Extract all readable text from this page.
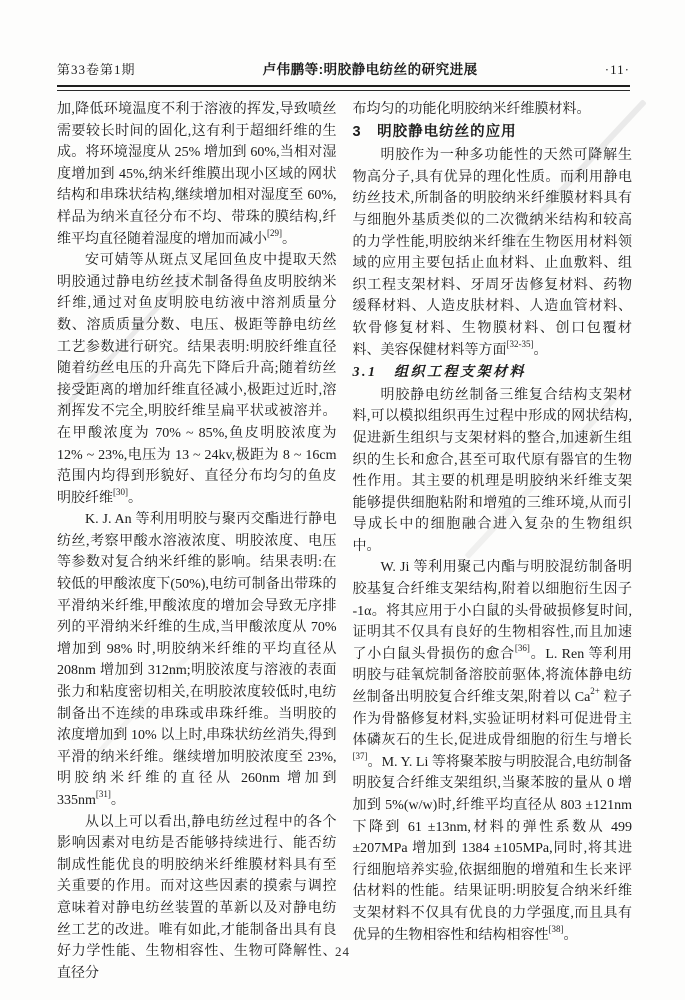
第33卷第1期	卢伟鹏等:明胶静电纺丝的研究进展	·11·
加,降低环境温度不利于溶液的挥发,导致喷丝需要较长时间的固化,这有利于超细纤维的生成。将环境湿度从 25% 增加到 60%,当相对湿度增加到 45%,纳米纤维膜出现小区域的网状结构和串珠状结构,继续增加相对湿度至 60%,样品为纳米直径分布不均、带珠的膜结构,纤维平均直径随着湿度的增加而减小[29]。
安可婧等从斑点叉尾回鱼皮中提取天然明胶通过静电纺丝技术制备得鱼皮明胶纳米纤维,通过对鱼皮明胶电纺液中溶剂质量分数、溶质质量分数、电压、极距等静电纺丝工艺参数进行研究。结果表明:明胶纤维直径随着纺丝电压的升高先下降后升高;随着纺丝接受距离的增加纤维直径减小,极距过近时,溶剂挥发不完全,明胶纤维呈扁平状或被溶并。在甲酸浓度为 70% ~ 85%,鱼皮明胶浓度为 12% ~ 23%,电压为 13 ~ 24kv,极距为 8 ~ 16cm 范围内均得到形貌好、直径分布均匀的鱼皮明胶纤维[30]。
K. J. An 等利用明胶与聚丙交酯进行静电纺丝,考察甲酸水溶液浓度、明胶浓度、电压等参数对复合纳米纤维的影响。结果表明:在较低的甲酸浓度下(50%),电纺可制备出带珠的平滑纳米纤维,甲酸浓度的增加会导致无序排列的平滑纳米纤维的生成,当甲酸浓度从 70% 增加到 98% 时,明胶纳米纤维的平均直径从 208nm 增加到 312nm;明胶浓度与溶液的表面张力和粘度密切相关,在明胶浓度较低时,电纺制备出不连续的串珠或串珠纤维。当明胶的浓度增加到 10% 以上时,串珠状纺丝消失,得到平滑的纳米纤维。继续增加明胶浓度至 23%,明胶纳米纤维的直径从 260nm 增加到 335nm[31]。
从以上可以看出,静电纺丝过程中的各个影响因素对电纺是否能够持续进行、能否纺制成性能优良的明胶纳米纤维膜材料具有至关重要的作用。而对这些因素的摸索与调控意味着对静电纺丝装置的革新以及对静电纺丝工艺的改进。唯有如此,才能制备出具有良好力学性能、生物相容性、生物可降解性、直径分
布均匀的功能化明胶纳米纤维膜材料。
3　明胶静电纺丝的应用
明胶作为一种多功能性的天然可降解生物高分子,具有优异的理化性质。而利用静电纺丝技术,所制备的明胶纳米纤维膜材料具有与细胞外基质类似的二次微纳米结构和较高的力学性能,明胶纳米纤维在生物医用材料领域的应用主要包括止血材料、止血敷料、组织工程支架材料、牙周牙齿修复材料、药物缓释材料、人造皮肤材料、人造血管材料、软骨修复材料、生物膜材料、创口包覆材料、美容保健材料等方面[32-35]。
3.1　组织工程支架材料
明胶静电纺丝制备三维复合结构支架材料,可以模拟组织再生过程中形成的网状结构,促进新生组织与支架材料的整合,加速新生组织的生长和愈合,甚至可取代原有器官的生物性作用。其主要的机理是明胶纳米纤维支架能够提供细胞粘附和增殖的三维环境,从而引导成长中的细胞融合进入复杂的生物组织中。
W. Ji 等利用聚己内酯与明胶混纺制备明胶基复合纤维支架结构,附着以细胞衍生因子 -1α。将其应用于小白鼠的头骨破损修复时间,证明其不仅具有良好的生物相容性,而且加速了小白鼠头骨损伤的愈合[36]。L. Ren 等利用明胶与硅氧烷制备溶胶前驱体,将流体静电纺丝制备出明胶复合纤维支架,附着以 Ca$^{2+}$ 粒子作为骨骼修复材料,实验证明材料可促进骨主体磷灰石的生长,促进成骨细胞的衍生与增长[37]。M. Y. Li 等将聚苯胺与明胶混合,电纺制备明胶复合纤维支架组织,当聚苯胺的量从 0 增加到 5%(w/w)时,纤维平均直径从 803 ±121nm 下降到 61 ±13nm,材料的弹性系数从 499 ±207MPa 增加到 1384 ±105MPa,同时,将其进行细胞培养实验,依据细胞的增殖和生长来评估材料的性能。结果证明:明胶复合纳米纤维支架材料不仅具有优良的力学强度,而且具有优异的生物相容性和结构相容性[38]。
24
